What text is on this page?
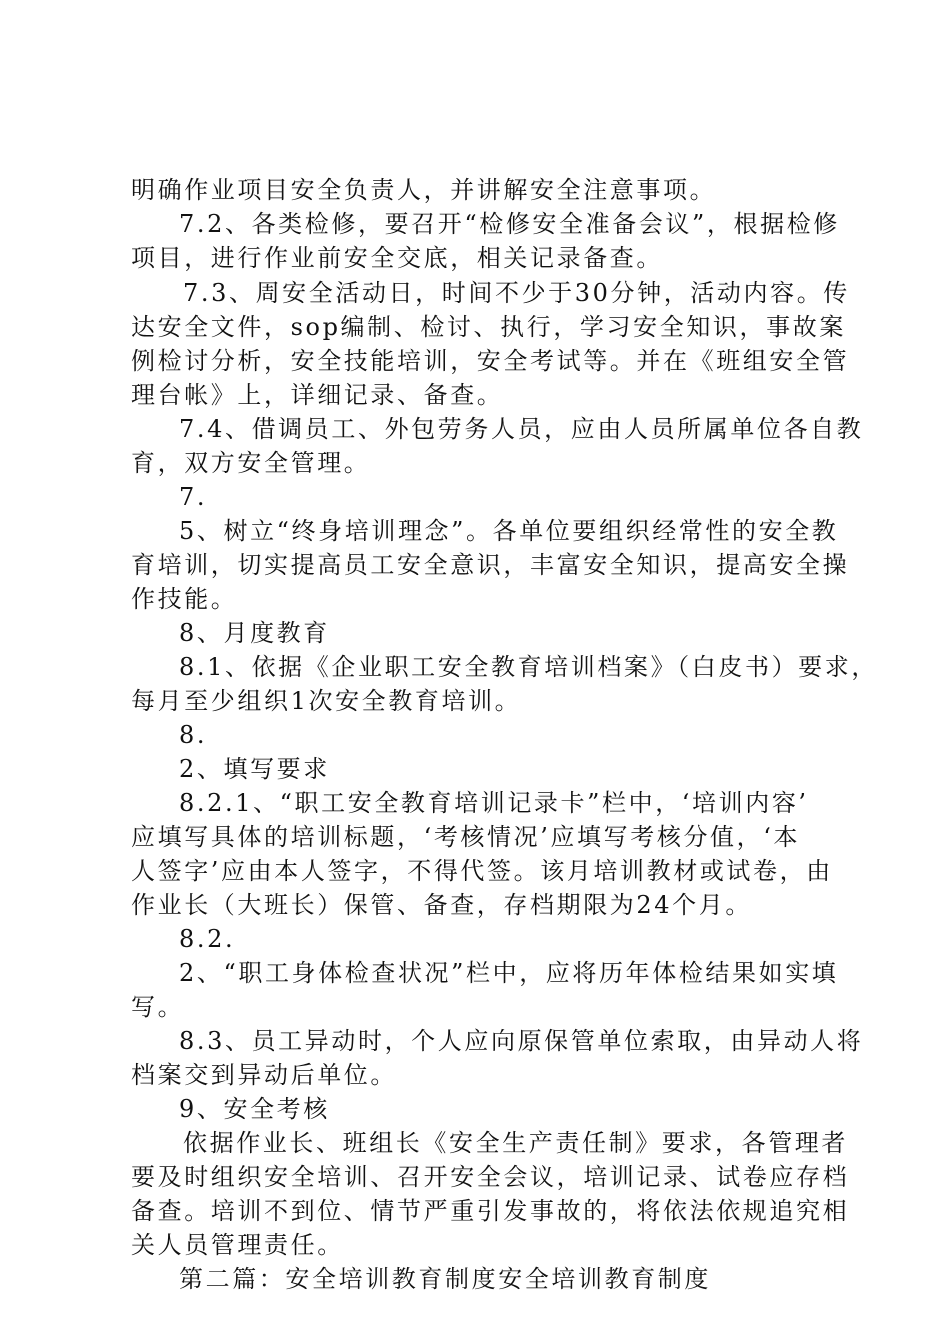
明确作业项目安全负责人，并讲解安全注意事项。
7.2、各类检修，要召开“检修安全准备会议”，根据检修
项目，进行作业前安全交底，相关记录备查。
7.3、周安全活动日，时间不少于30分钟，活动内容。传
达安全文件，sop编制、检讨、执行，学习安全知识，事故案
例检讨分析，安全技能培训，安全考试等。并在《班组安全管
理台帐》上，详细记录、备查。
7.4、借调员工、外包劳务人员，应由人员所属单位各自教
育，双方安全管理。
7.
5、树立“终身培训理念”。各单位要组织经常性的安全教
育培训，切实提高员工安全意识，丰富安全知识，提高安全操
作技能。
8、月度教育
8.1、依据《企业职工安全教育培训档案》（白皮书）要求，
每月至少组织1次安全教育培训。
8.
2、填写要求
8.2.1、“职工安全教育培训记录卡”栏中，‘培训内容’
应填写具体的培训标题，‘考核情况’应填写考核分值，‘本
人签字’应由本人签字，不得代签。该月培训教材或试卷，由
作业长（大班长）保管、备查，存档期限为24个月。
8.2.
2、“职工身体检查状况”栏中，应将历年体检结果如实填
写。
8.3、员工异动时，个人应向原保管单位索取，由异动人将
档案交到异动后单位。
9、安全考核
依据作业长、班组长《安全生产责任制》要求，各管理者
要及时组织安全培训、召开安全会议，培训记录、试卷应存档
备查。培训不到位、情节严重引发事故的，将依法依规追究相
关人员管理责任。
第二篇：安全培训教育制度安全培训教育制度
